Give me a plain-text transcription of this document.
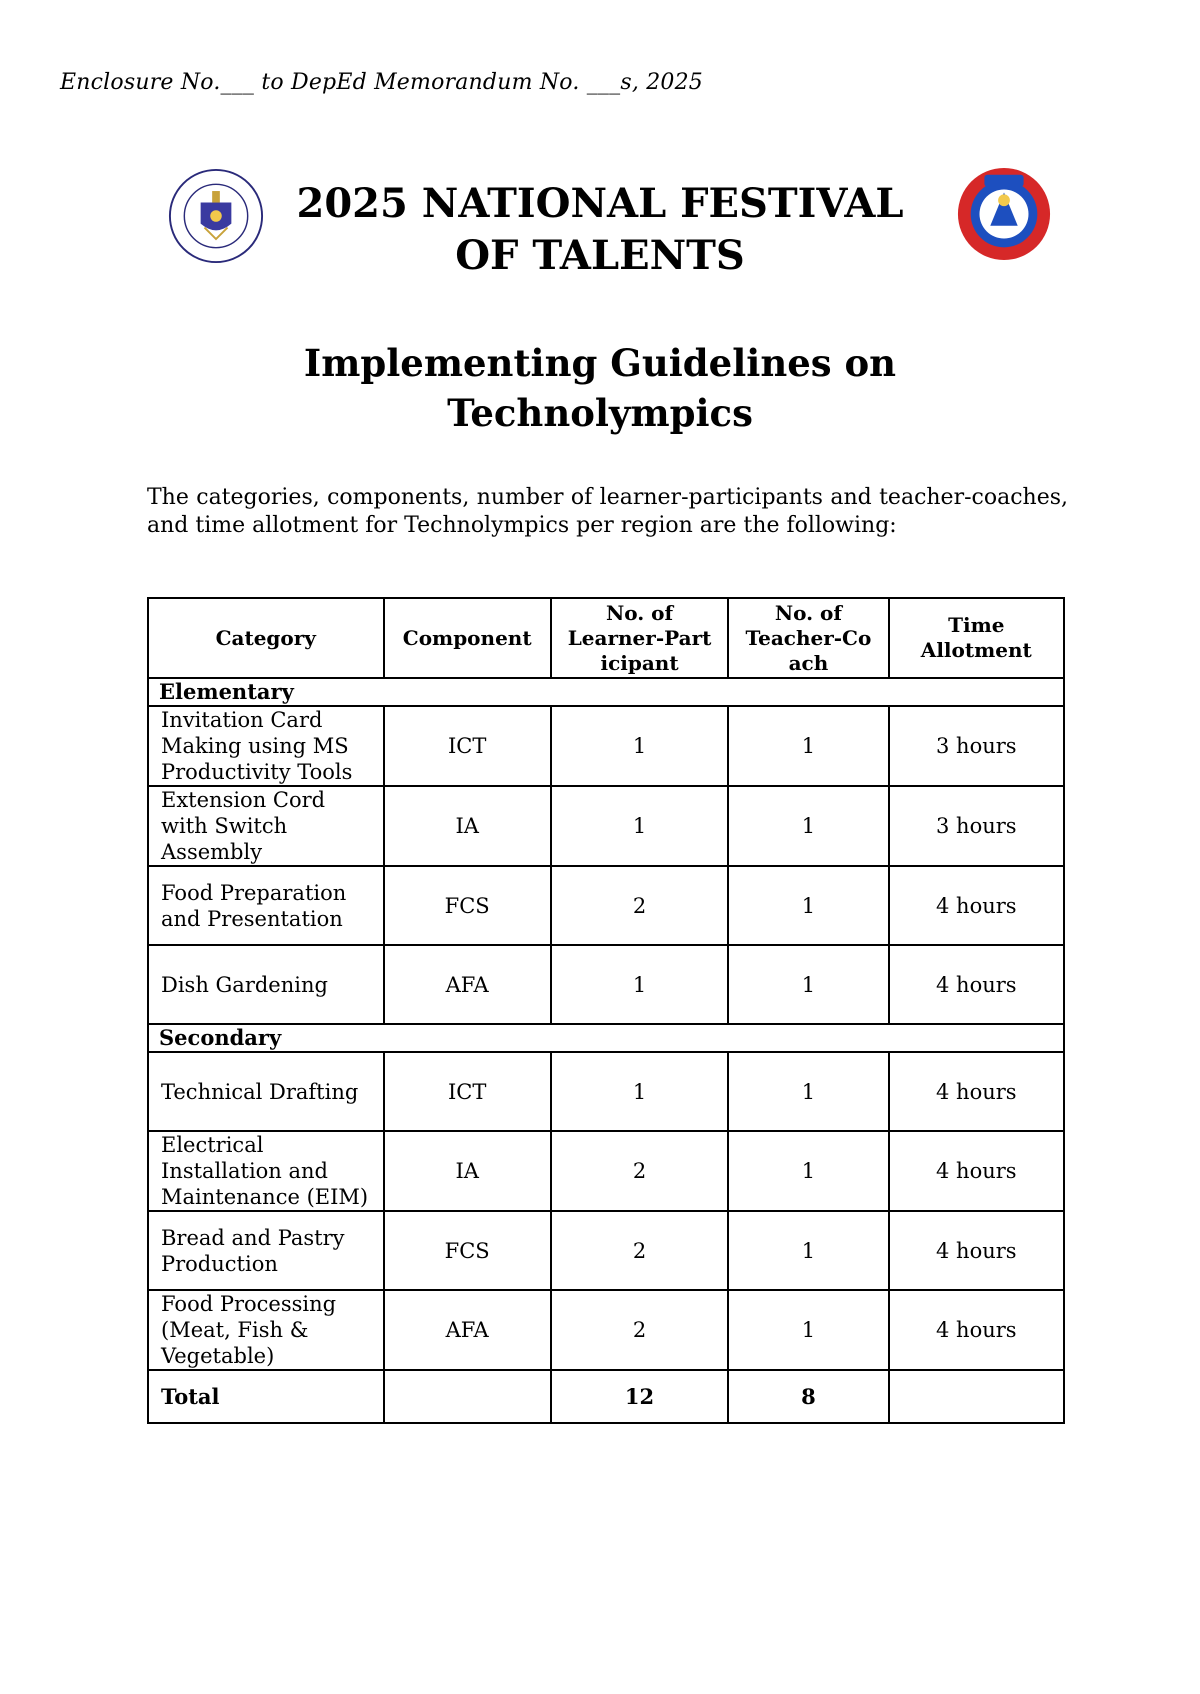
Enclosure No.___ to DepEd Memorandum No. ___s, 2025
2025 NATIONAL FESTIVAL
OF TALENTS
Implementing Guidelines on
Technolympics

The categories, components, number of learner-participants and teacher-coaches, and time allotment for Technolympics per region are the following:

Category	Component	No. of Learner-Part icipant	No. of Teacher-Co ach	Time Allotment
Elementary				
Invitation Card Making using MS Productivity Tools	ICT	1	1	3 hours
Extension Cord with Switch Assembly	IA	1	1	3 hours
Food Preparation and Presentation	FCS	2	1	4 hours
Dish Gardening	AFA	1	1	4 hours
Secondary				
Technical Drafting	ICT	1	1	4 hours
Electrical Installation and Maintenance (EIM)	IA	2	1	4 hours
Bread and Pastry Production	FCS	2	1	4 hours
Food Processing (Meat, Fish & Vegetable)	AFA	2	1	4 hours
Total		12	8	
